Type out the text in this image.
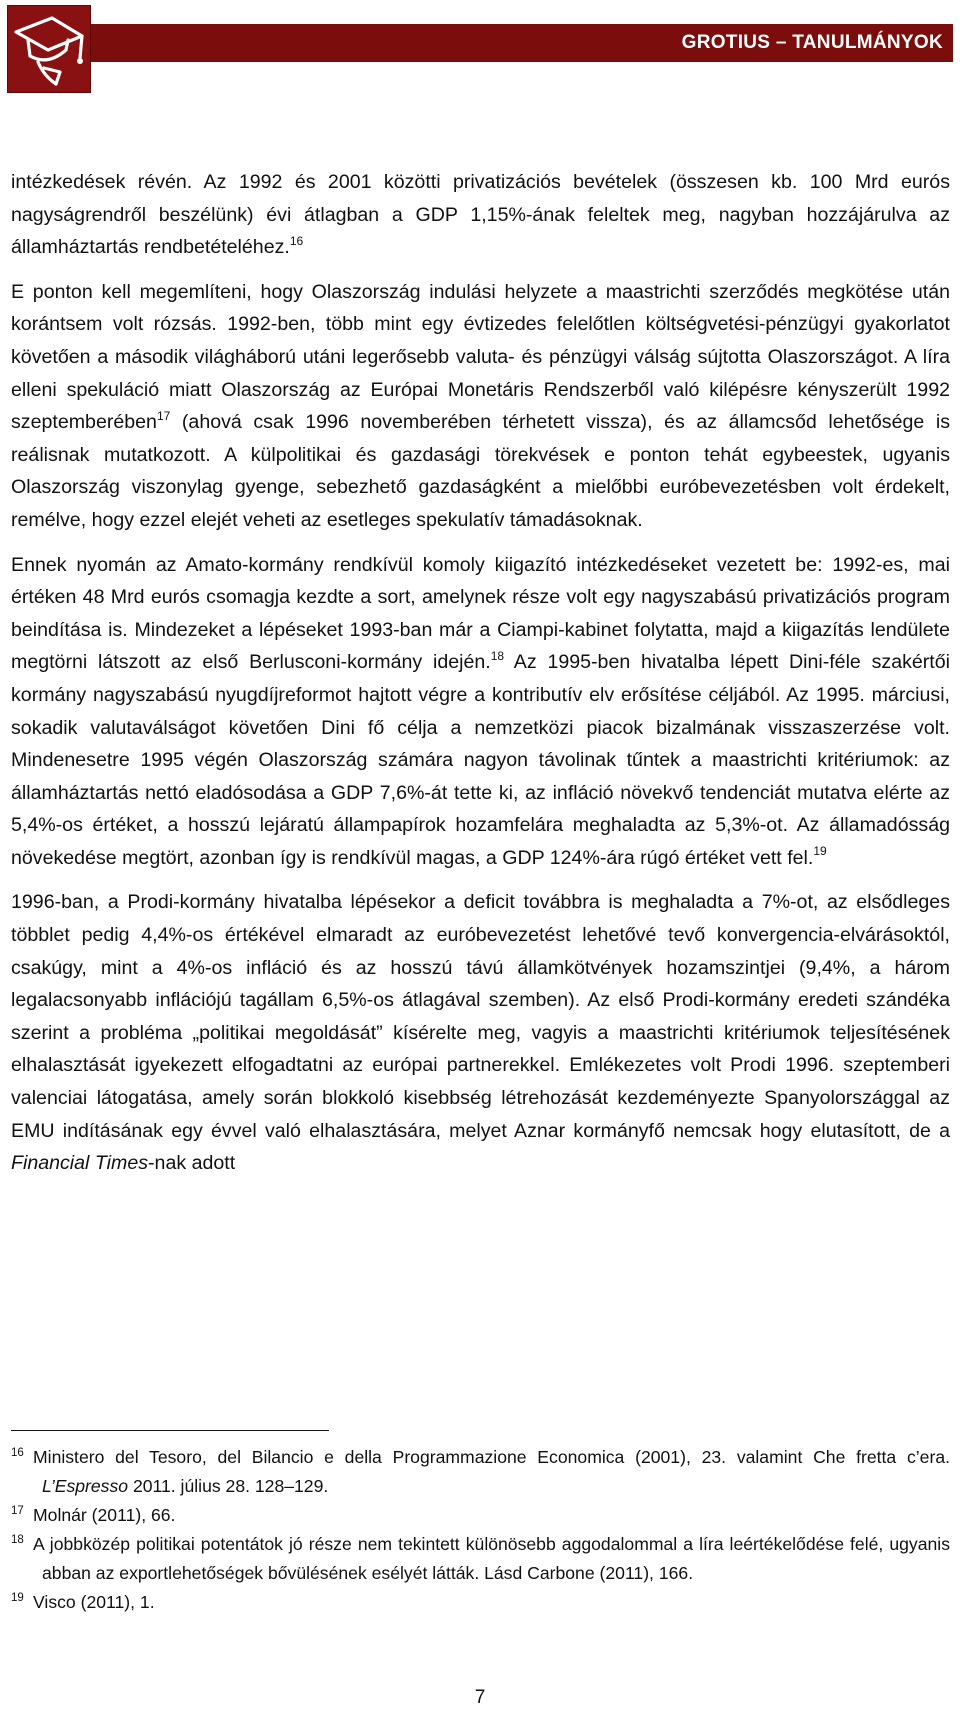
GROTIUS – TANULMÁNYOK

intézkedések révén. Az 1992 és 2001 közötti privatizációs bevételek (összesen kb. 100 Mrd eurós nagyságrendről beszélünk) évi átlagban a GDP 1,15%-ának feleltek meg, nagyban hozzájárulva az államháztartás rendbetételéhez.$^{16}$

E ponton kell megemlíteni, hogy Olaszország indulási helyzete a maastrichti szerződés megkötése után korántsem volt rózsás. 1992-ben, több mint egy évtizedes felelőtlen költségvetési-pénzügyi gyakorlatot követően a második világháború utáni legerősebb valuta- és pénzügyi válság sújtotta Olaszországot. A líra elleni spekuláció miatt Olaszország az Európai Monetáris Rendszerből való kilépésre kényszerült 1992 szeptemberében$^{17}$ (ahová csak 1996 novemberében térhetett vissza), és az államcsőd lehetősége is reálisnak mutatkozott. A külpolitikai és gazdasági törekvések e ponton tehát egybeestek, ugyanis Olaszország viszonylag gyenge, sebezhető gazdaságként a mielőbbi euróbevezetésben volt érdekelt, remélve, hogy ezzel elejét veheti az esetleges spekulatív támadásoknak.

Ennek nyomán az Amato-kormány rendkívül komoly kiigazító intézkedéseket vezetett be: 1992-es, mai értéken 48 Mrd eurós csomagja kezdte a sort, amelynek része volt egy nagyszabású privatizációs program beindítása is. Mindezeket a lépéseket 1993-ban már a Ciampi-kabinet folytatta, majd a kiigazítás lendülete megtörni látszott az első Berlusconi-kormány idején.$^{18}$ Az 1995-ben hivatalba lépett Dini-féle szakértői kormány nagyszabású nyugdíjreformot hajtott végre a kontributív elv erősítése céljából. Az 1995. márciusi, sokadik valutaválságot követően Dini fő célja a nemzetközi piacok bizalmának visszaszerzése volt. Mindenesetre 1995 végén Olaszország számára nagyon távolinak tűntek a maastrichti kritériumok: az államháztartás nettó eladósodása a GDP 7,6%-át tette ki, az infláció növekvő tendenciát mutatva elérte az 5,4%-os értéket, a hosszú lejáratú állampapírok hozamfelára meghaladta az 5,3%-ot. Az államadósság növekedése megtört, azonban így is rendkívül magas, a GDP 124%-ára rúgó értéket vett fel.$^{19}$

1996-ban, a Prodi-kormány hivatalba lépésekor a deficit továbbra is meghaladta a 7%-ot, az elsődleges többlet pedig 4,4%-os értékével elmaradt az euróbevezetést lehetővé tevő konvergencia-elvárásoktól, csakúgy, mint a 4%-os infláció és az hosszú távú államkötvények hozamszintjei (9,4%, a három legalacsonyabb inflációjú tagállam 6,5%-os átlagával szemben). Az első Prodi-kormány eredeti szándéka szerint a probléma „politikai megoldását” kísérelte meg, vagyis a maastrichti kritériumok teljesítésének elhalasztását igyekezett elfogadtatni az európai partnerekkel. Emlékezetes volt Prodi 1996. szeptemberi valenciai látogatása, amely során blokkoló kisebbség létrehozását kezdeményezte Spanyolországgal az EMU indításának egy évvel való elhalasztására, melyet Aznar kormányfő nemcsak hogy elutasított, de a Financial Times-nak adott

$^{16}$ Ministero del Tesoro, del Bilancio e della Programmazione Economica (2001), 23. valamint Che fretta c’era. L’Espresso 2011. július 28. 128–129.
$^{17}$ Molnár (2011), 66.
$^{18}$ A jobbközép politikai potentátok jó része nem tekintett különösebb aggodalommal a líra leértékelődése felé, ugyanis abban az exportlehetőségek bővülésének esélyét látták. Lásd Carbone (2011), 166.
$^{19}$ Visco (2011), 1.
7
